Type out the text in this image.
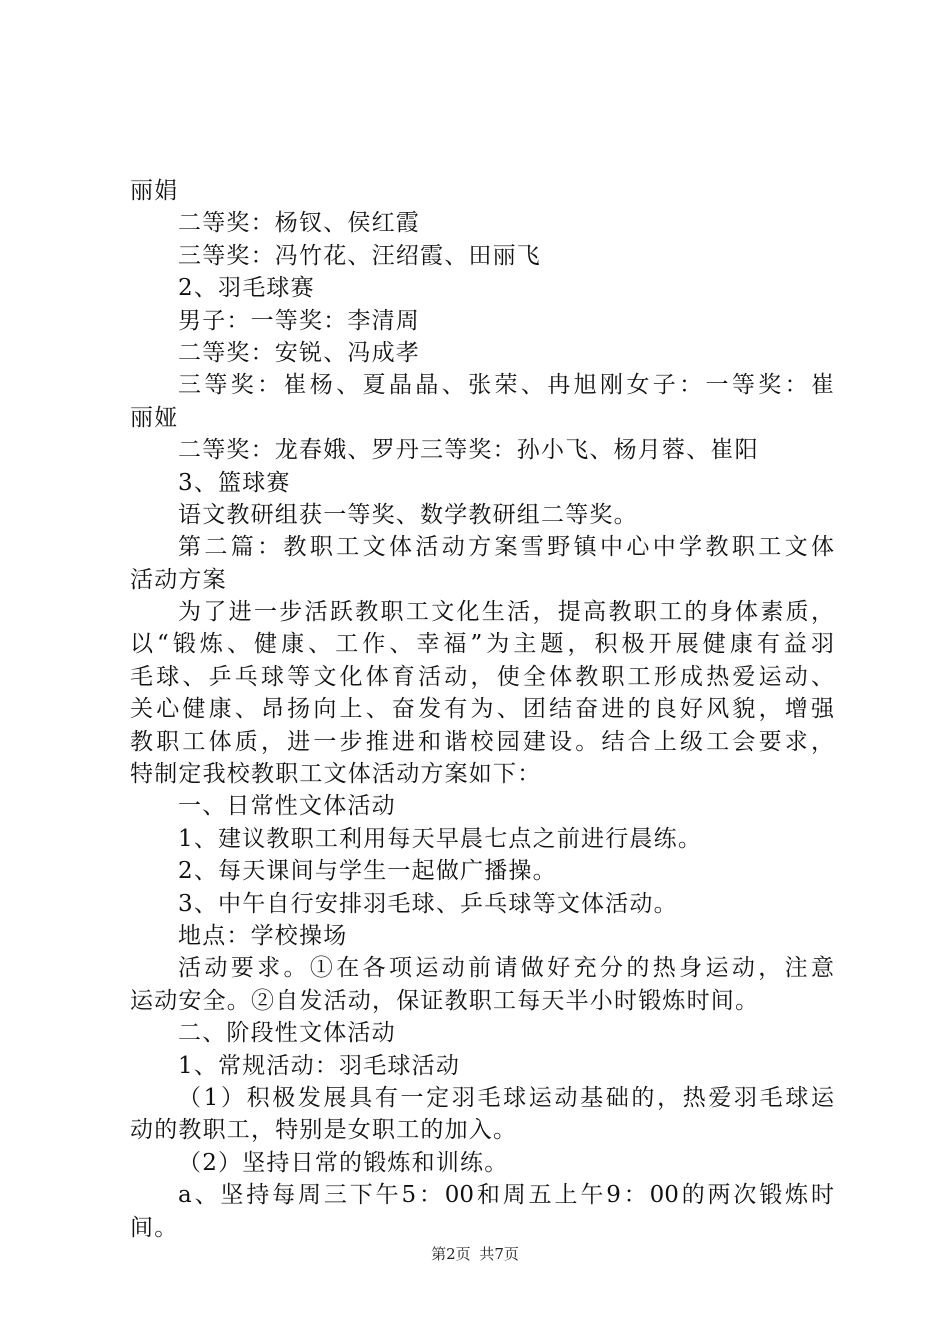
丽娟
二等奖：杨钗、侯红霞
三等奖：冯竹花、汪绍霞、田丽飞
2、羽毛球赛
男子：一等奖：李清周
二等奖：安锐、冯成孝
三等奖：崔杨、夏晶晶、张荣、冉旭刚女子：一等奖：崔
丽娅
二等奖：龙春娥、罗丹三等奖：孙小飞、杨月蓉、崔阳
3、篮球赛
语文教研组获一等奖、数学教研组二等奖。
第二篇：教职工文体活动方案雪野镇中心中学教职工文体
活动方案
为了进一步活跃教职工文化生活，提高教职工的身体素质，
以“锻炼、健康、工作、幸福”为主题，积极开展健康有益羽
毛球、乒乓球等文化体育活动，使全体教职工形成热爱运动、
关心健康、昂扬向上、奋发有为、团结奋进的良好风貌，增强
教职工体质，进一步推进和谐校园建设。结合上级工会要求，
特制定我校教职工文体活动方案如下：
一、日常性文体活动
1、建议教职工利用每天早晨七点之前进行晨练。
2、每天课间与学生一起做广播操。
3、中午自行安排羽毛球、乒乓球等文体活动。
地点：学校操场
活动要求。①在各项运动前请做好充分的热身运动，注意
运动安全。②自发活动，保证教职工每天半小时锻炼时间。
二、阶段性文体活动
1、常规活动：羽毛球活动
（1）积极发展具有一定羽毛球运动基础的，热爱羽毛球运
动的教职工，特别是女职工的加入。
（2）坚持日常的锻炼和训练。
a、坚持每周三下午5：00和周五上午9：00的两次锻炼时
间。
第2页 共7页
